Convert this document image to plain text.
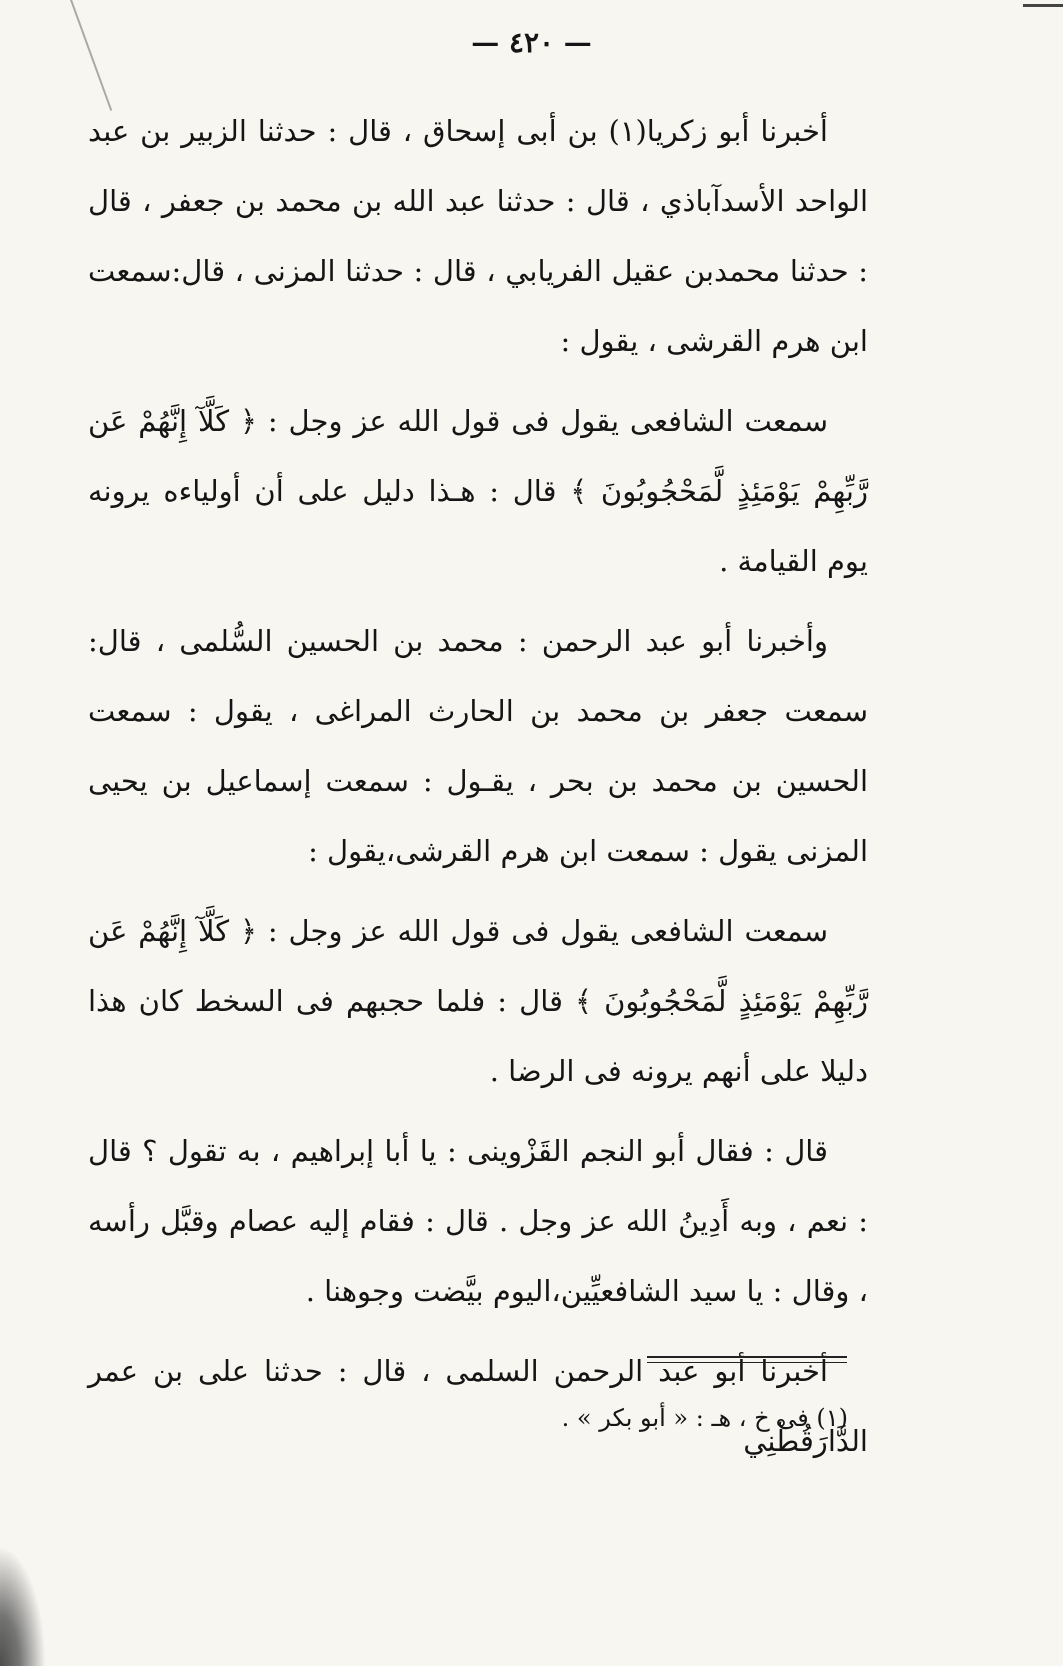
— ٤٢٠ —

أخبرنا أبو زكريا(١) بن أبى إسحاق ، قال : حدثنا الزبير بن عبد الواحد الأسدآباذي ، قال : حدثنا عبد الله بن محمد بن جعفر ، قال : حدثنا محمدبن عقيل الفريابي ، قال : حدثنا المزنى ، قال:سمعت ابن هرم القرشى ، يقول :

سمعت الشافعى يقول فى قول الله عز وجل : ﴿ كَلَّآ إِنَّهُمْ عَن رَّبِّهِمْ يَوْمَئِذٍ لَّمَحْجُوبُونَ ﴾ قال : هـذا دليل على أن أولياءه يرونه يوم القيامة .

وأخبرنا أبو عبد الرحمن : محمد بن الحسين السُّلمى ، قال: سمعت جعفر بن محمد بن الحارث المراغى ، يقول : سمعت الحسين بن محمد بن بحر ، يقـول : سمعت إسماعيل بن يحيى المزنى يقول : سمعت ابن هرم القرشى،يقول :

سمعت الشافعى يقول فى قول الله عز وجل : ﴿ كَلَّآ إِنَّهُمْ عَن رَّبِّهِمْ يَوْمَئِذٍ لَّمَحْجُوبُونَ ﴾ قال : فلما حجبهم فى السخط كان هذا دليلا على أنهم يرونه فى الرضا .

قال : فقال أبو النجم القَزْوينى : يا أبا إبراهيم ، به تقول ؟ قال : نعم ، وبه أَدِينُ الله عز وجل . قال : فقام إليه عصام وقبَّل رأسه ، وقال : يا سيد الشافعيِّين،اليوم بيَّضت وجوهنا .

أخبرنا أبو عبد الرحمن السلمى ، قال : حدثنا على بن عمر الدَّارَقُطْنِي

(١) فى خ ، هـ : « أبو بكر » .
